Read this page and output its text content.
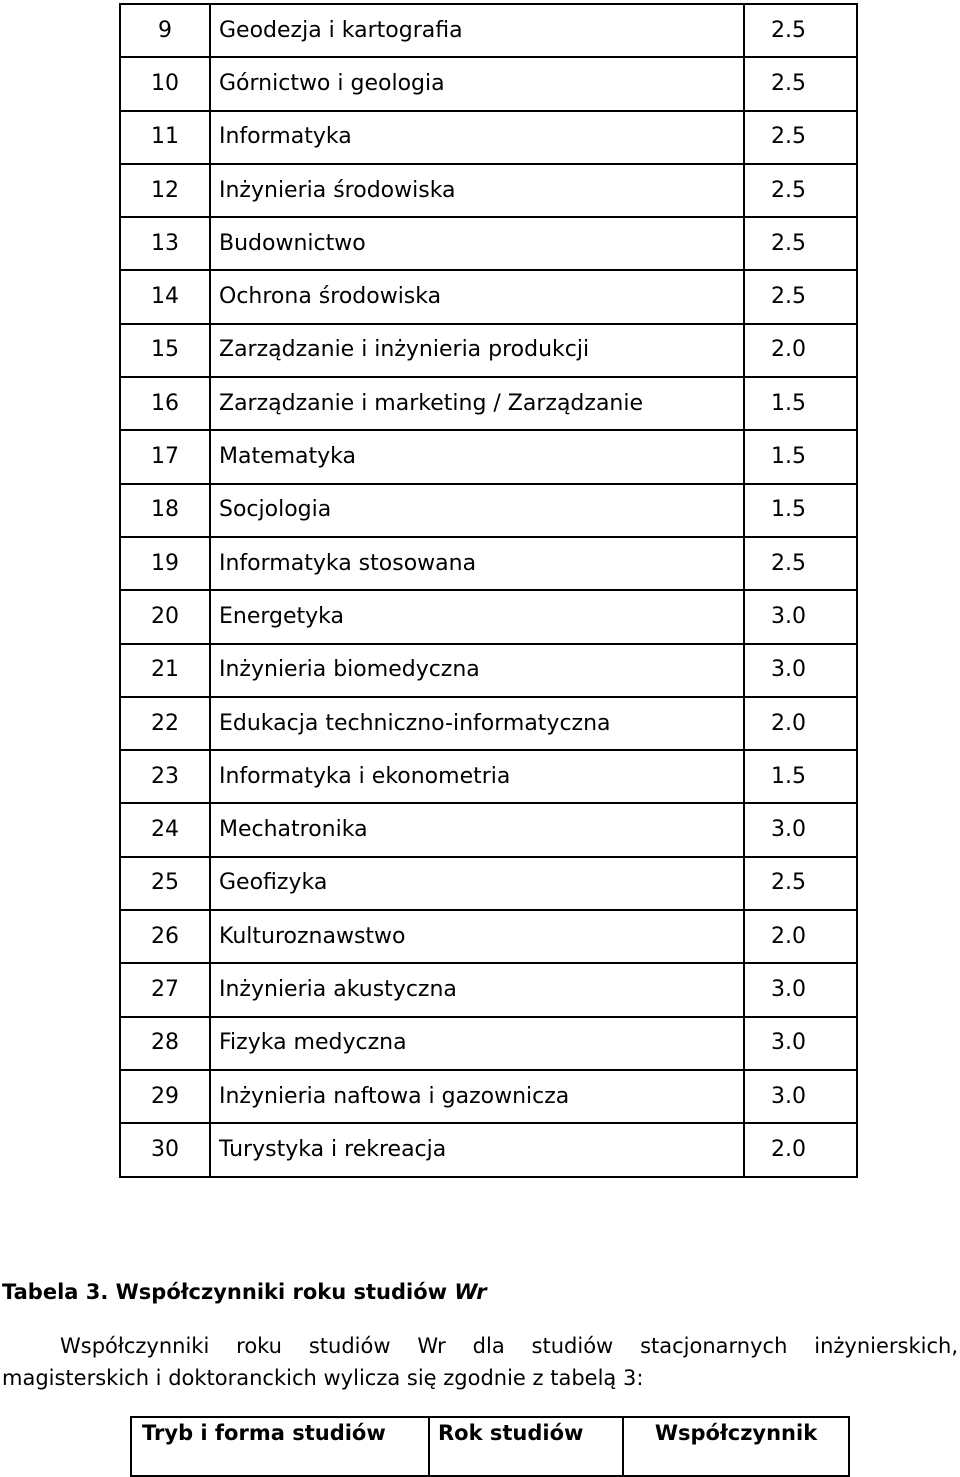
9	Geodezja i kartografia	2.5
10	Górnictwo i geologia	2.5
11	Informatyka	2.5
12	Inżynieria środowiska	2.5
13	Budownictwo	2.5
14	Ochrona środowiska	2.5
15	Zarządzanie i inżynieria produkcji	2.0
16	Zarządzanie i marketing / Zarządzanie	1.5
17	Matematyka	1.5
18	Socjologia	1.5
19	Informatyka stosowana	2.5
20	Energetyka	3.0
21	Inżynieria biomedyczna	3.0
22	Edukacja techniczno-informatyczna	2.0
23	Informatyka i ekonometria	1.5
24	Mechatronika	3.0
25	Geofizyka	2.5
26	Kulturoznawstwo	2.0
27	Inżynieria akustyczna	3.0
28	Fizyka medyczna	3.0
29	Inżynieria naftowa i gazownicza	3.0
30	Turystyka i rekreacja	2.0
Tabela 3. Współczynniki roku studiów Wr
Współczynniki roku studiów Wr dla studiów stacjonarnych inżynierskich,
magisterskich i doktoranckich wylicza się zgodnie z tabelą 3:
Tryb i forma studiów	Rok studiów	Współczynnik
